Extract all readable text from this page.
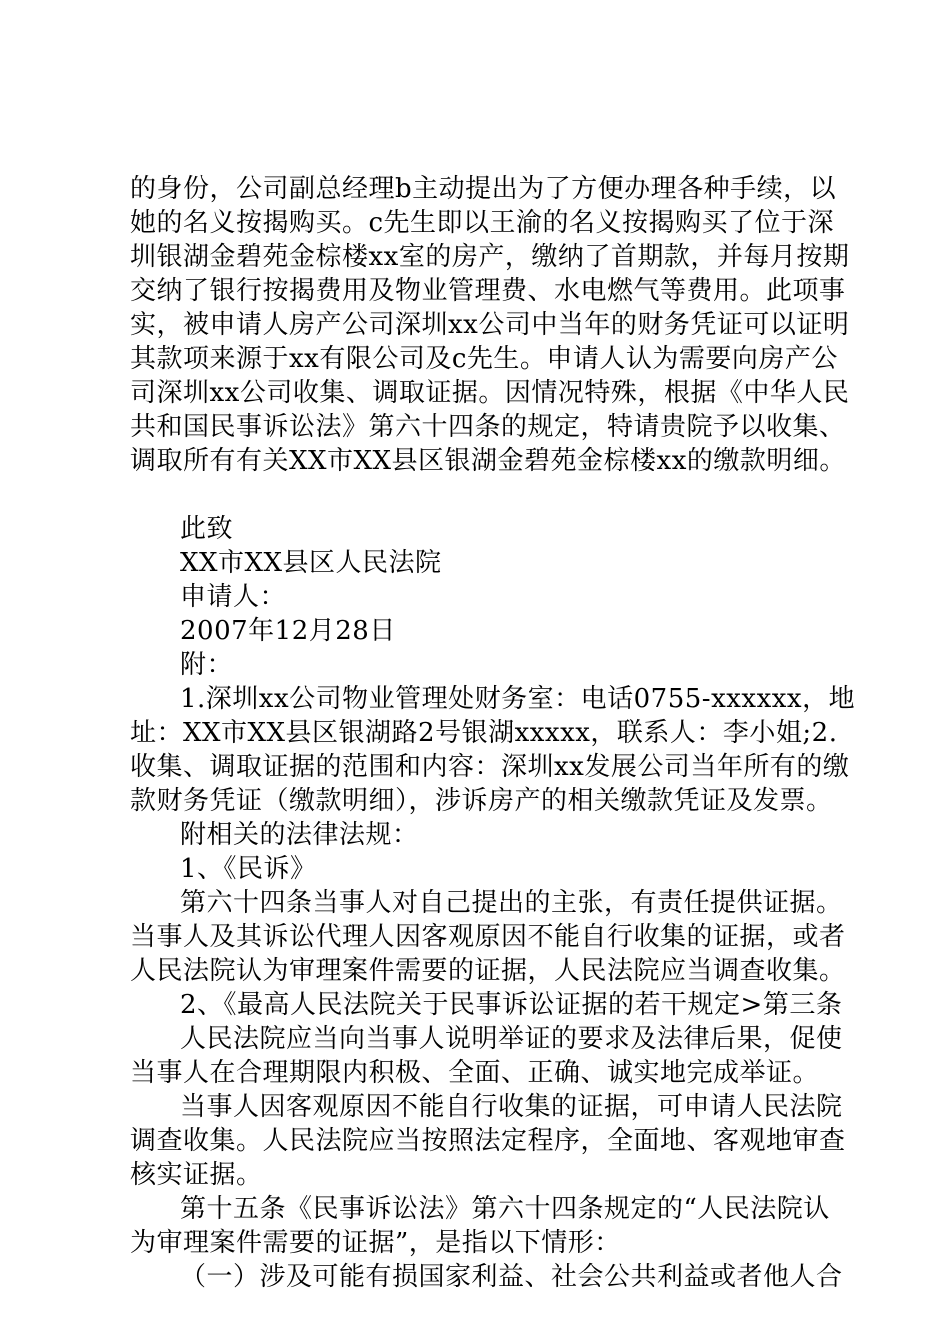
的身份，公司副总经理b主动提出为了方便办理各种手续，以
她的名义按揭购买。c先生即以王渝的名义按揭购买了位于深
圳银湖金碧苑金棕楼xx室的房产，缴纳了首期款，并每月按期
交纳了银行按揭费用及物业管理费、水电燃气等费用。此项事
实，被申请人房产公司深圳xx公司中当年的财务凭证可以证明
其款项来源于xx有限公司及c先生。申请人认为需要向房产公
司深圳xx公司收集、调取证据。因情况特殊，根据《中华人民
共和国民事诉讼法》第六十四条的规定，特请贵院予以收集、
调取所有有关XX市XX县区银湖金碧苑金棕楼xx的缴款明细。
此致
XX市XX县区人民法院
申请人：
2007年12月28日
附：
1.深圳xx公司物业管理处财务室：电话0755-xxxxxx，地
址：XX市XX县区银湖路2号银湖xxxxx，联系人：李小姐;2.
收集、调取证据的范围和内容：深圳xx发展公司当年所有的缴
款财务凭证（缴款明细），涉诉房产的相关缴款凭证及发票。
附相关的法律法规：
1、《民诉》
第六十四条当事人对自己提出的主张，有责任提供证据。
当事人及其诉讼代理人因客观原因不能自行收集的证据，或者
人民法院认为审理案件需要的证据，人民法院应当调查收集。
2、《最高人民法院关于民事诉讼证据的若干规定>第三条
人民法院应当向当事人说明举证的要求及法律后果，促使
当事人在合理期限内积极、全面、正确、诚实地完成举证。
当事人因客观原因不能自行收集的证据，可申请人民法院
调查收集。人民法院应当按照法定程序，全面地、客观地审查
核实证据。
第十五条《民事诉讼法》第六十四条规定的“人民法院认
为审理案件需要的证据”，是指以下情形：
（一）涉及可能有损国家利益、社会公共利益或者他人合
